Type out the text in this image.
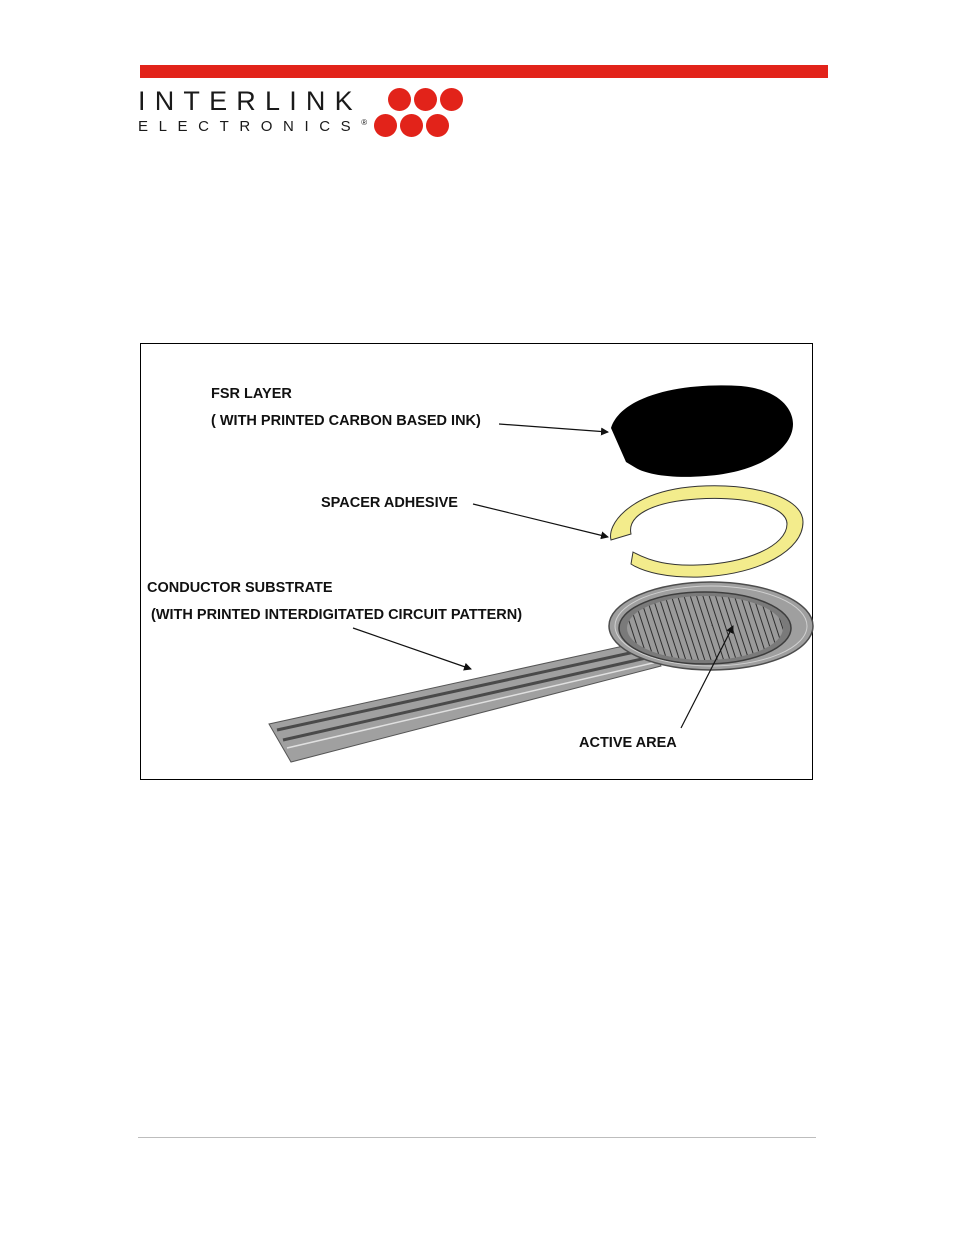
INTERLINK
ELECTRONICS®
FSR LAYER
( WITH PRINTED CARBON BASED INK)
SPACER ADHESIVE
CONDUCTOR SUBSTRATE
(WITH PRINTED INTERDIGITATED CIRCUIT PATTERN)
ACTIVE AREA
